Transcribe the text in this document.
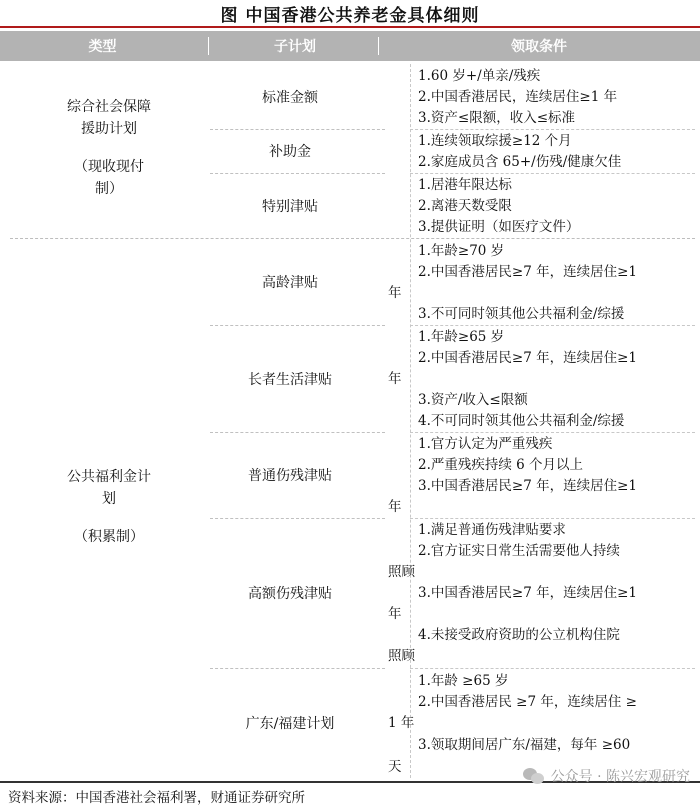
图 中国香港公共养老金具体细则
类型	子计划	领取条件
综合社会保障
援助计划
（现收现付
制）
公共福利金计
划
（积累制）
标准金额
补助金
特别津贴
高龄津贴
长者生活津贴
普通伤残津贴
高额伤残津贴
广东/福建计划
1.60 岁+/单亲/残疾
2.中国香港居民，连续居住≥1 年
3.资产≤限额，收入≤标准
1.连续领取综援≥12 个月
2.家庭成员含 65+/伤残/健康欠佳
1.居港年限达标
2.离港天数受限
3.提供证明（如医疗文件）
1.年龄≥70 岁
2.中国香港居民≥7 年，连续居住≥1
年
3.不可同时领其他公共福利金/综援
1.年龄≥65 岁
2.中国香港居民≥7 年，连续居住≥1
年
3.资产/收入≤限额
4.不可同时领其他公共福利金/综援
1.官方认定为严重残疾
2.严重残疾持续 6 个月以上
3.中国香港居民≥7 年，连续居住≥1
年
1.满足普通伤残津贴要求
2.官方证实日常生活需要他人持续
照顾
3.中国香港居民≥7 年，连续居住≥1
年
4.未接受政府资助的公立机构住院
照顾
1.年龄 ≥65 岁
2.中国香港居民 ≥7 年，连续居住 ≥
1 年
3.领取期间居广东/福建，每年 ≥60
天
公众号 · 陈兴宏观研究
资料来源：中国香港社会福利署，财通证券研究所
